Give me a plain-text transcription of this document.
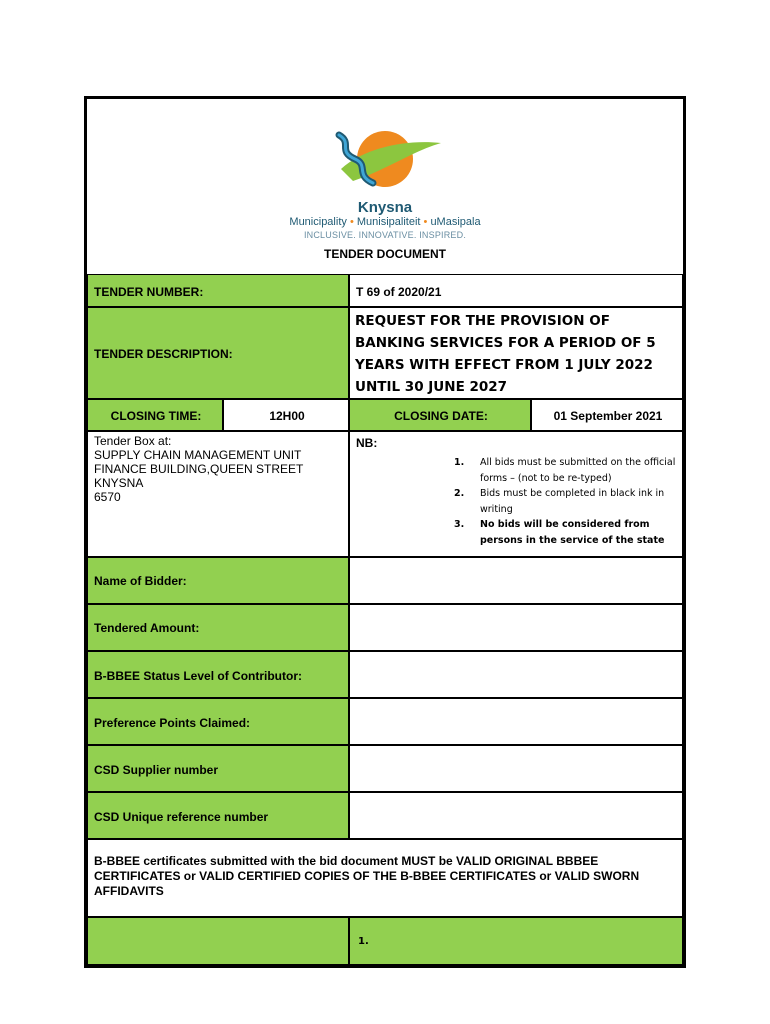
Knysna
Municipality • Munisipaliteit • uMasipala
INCLUSIVE. INNOVATIVE. INSPIRED.
TENDER DOCUMENT
TENDER NUMBER:	T 69 of 2020/21
TENDER DESCRIPTION:
REQUEST FOR THE PROVISION OF BANKING SERVICES FOR A PERIOD OF 5 YEARS WITH EFFECT FROM 1 JULY 2022 UNTIL 30 JUNE 2027
CLOSING TIME:	12H00	CLOSING DATE:	01 September 2021
Tender Box at:
SUPPLY CHAIN MANAGEMENT UNIT
FINANCE BUILDING,QUEEN STREET
KNYSNA
6570
NB:
1.	All bids must be submitted on the official forms – (not to be re-typed)
2.	Bids must be completed in black ink in writing
3.	No bids will be considered from persons in the service of the state
Name of Bidder:
Tendered Amount:
B-BBEE Status Level of Contributor:
Preference Points Claimed:
CSD Supplier number
CSD Unique reference number
B-BBEE certificates submitted with the bid document MUST be VALID ORIGINAL BBBEE CERTIFICATES or VALID CERTIFIED COPIES OF THE B-BBEE CERTIFICATES or VALID SWORN AFFIDAVITS
1.
